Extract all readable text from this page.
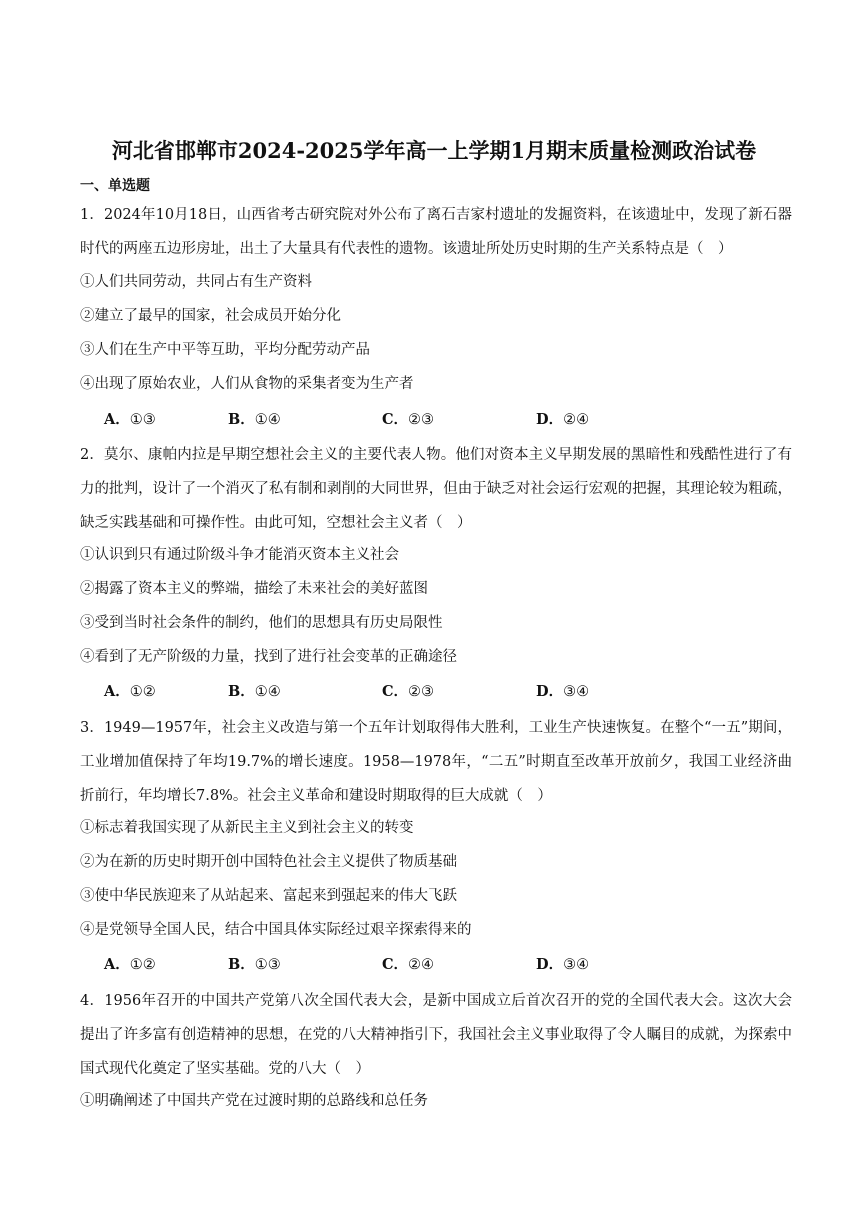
河北省邯郸市2024-2025学年高一上学期1月期末质量检测政治试卷
一、单选题
1．2024年10月18日，山西省考古研究院对外公布了离石吉家村遗址的发掘资料，在该遗址中，发现了新石器时代的两座五边形房址，出土了大量具有代表性的遗物。该遗址所处历史时期的生产关系特点是（　）
①人们共同劳动，共同占有生产资料
②建立了最早的国家，社会成员开始分化
③人们在生产中平等互助，平均分配劳动产品
④出现了原始农业，人们从食物的采集者变为生产者
A．①③	B．①④	C．②③	D．②④
2．莫尔、康帕内拉是早期空想社会主义的主要代表人物。他们对资本主义早期发展的黑暗性和残酷性进行了有力的批判，设计了一个消灭了私有制和剥削的大同世界，但由于缺乏对社会运行宏观的把握，其理论较为粗疏，缺乏实践基础和可操作性。由此可知，空想社会主义者（　）
①认识到只有通过阶级斗争才能消灭资本主义社会
②揭露了资本主义的弊端，描绘了未来社会的美好蓝图
③受到当时社会条件的制约，他们的思想具有历史局限性
④看到了无产阶级的力量，找到了进行社会变革的正确途径
A．①②	B．①④	C．②③	D．③④
3．1949—1957年，社会主义改造与第一个五年计划取得伟大胜利，工业生产快速恢复。在整个“一五”期间，工业增加值保持了年均19.7%的增长速度。1958—1978年，“二五”时期直至改革开放前夕，我国工业经济曲折前行，年均增长7.8%。社会主义革命和建设时期取得的巨大成就（　）
①标志着我国实现了从新民主主义到社会主义的转变
②为在新的历史时期开创中国特色社会主义提供了物质基础
③使中华民族迎来了从站起来、富起来到强起来的伟大飞跃
④是党领导全国人民，结合中国具体实际经过艰辛探索得来的
A．①②	B．①③	C．②④	D．③④
4．1956年召开的中国共产党第八次全国代表大会，是新中国成立后首次召开的党的全国代表大会。这次大会提出了许多富有创造精神的思想，在党的八大精神指引下，我国社会主义事业取得了令人瞩目的成就，为探索中国式现代化奠定了坚实基础。党的八大（　）
①明确阐述了中国共产党在过渡时期的总路线和总任务
